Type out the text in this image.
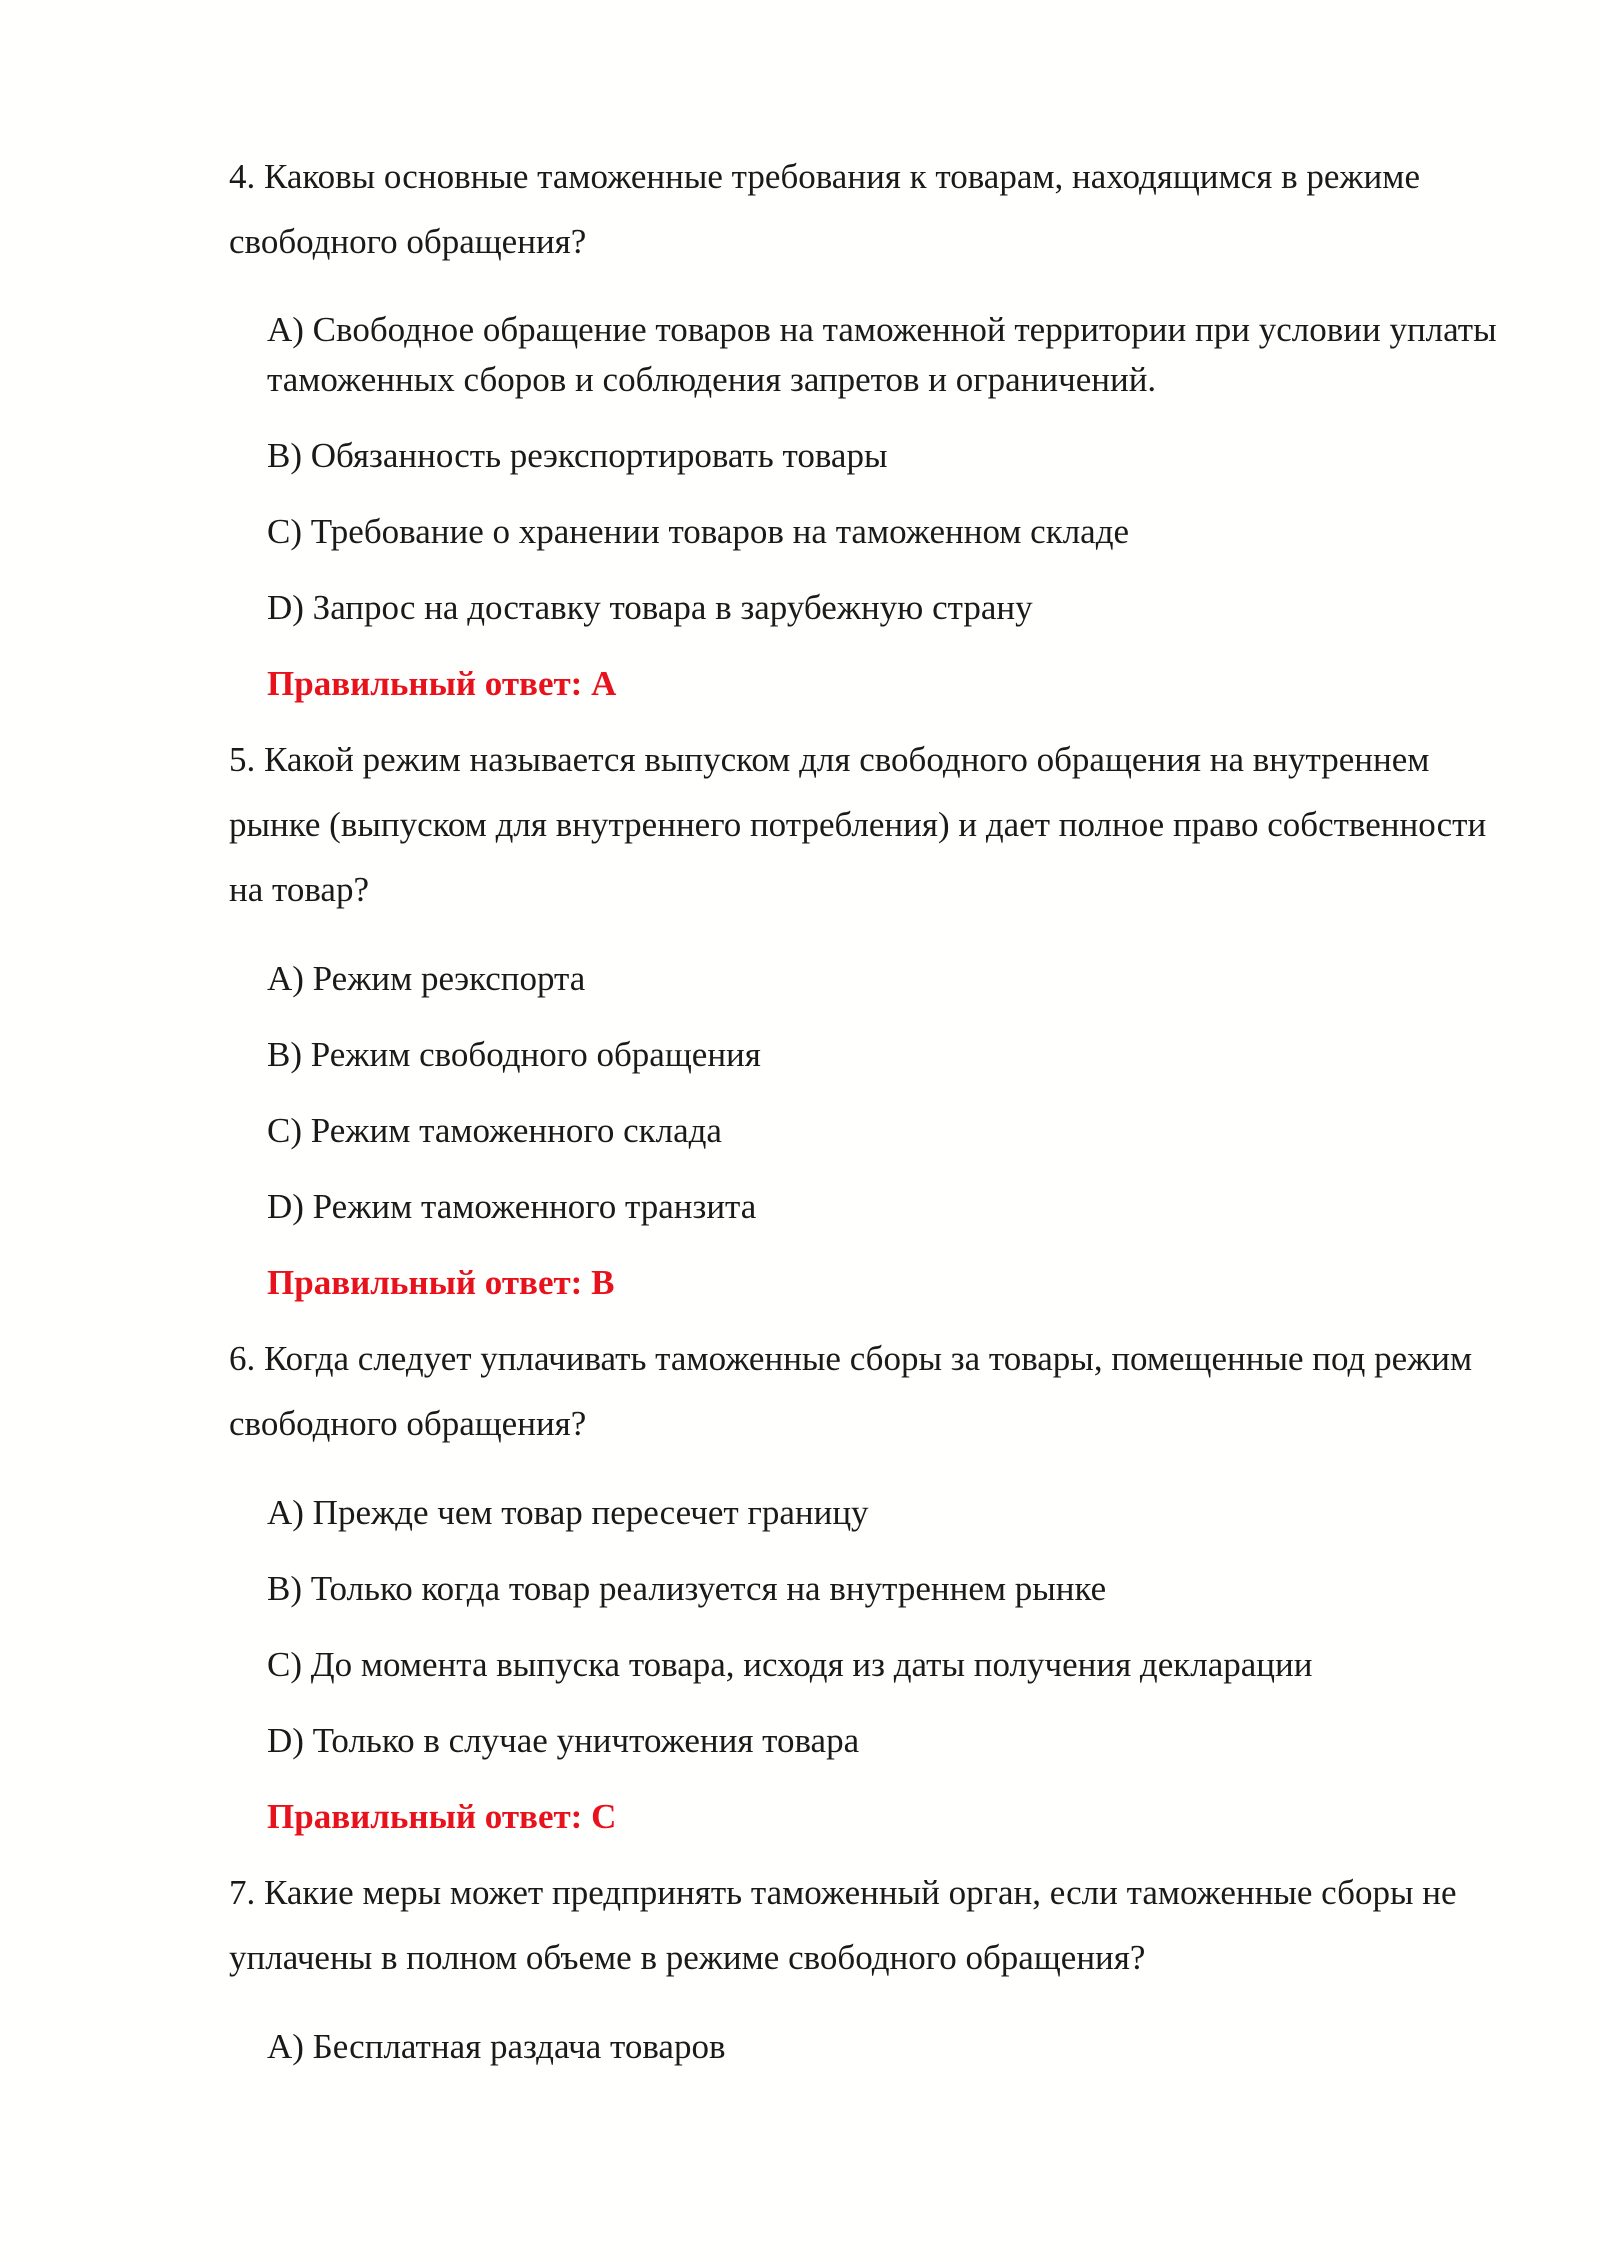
4. Каковы основные таможенные требования к товарам, находящимся в режиме свободного обращения?

A) Свободное обращение товаров на таможенной территории при условии уплаты таможенных сборов и соблюдения запретов и ограничений.

B) Обязанность реэкспортировать товары

C) Требование о хранении товаров на таможенном складе

D) Запрос на доставку товара в зарубежную страну

Правильный ответ: A

5. Какой режим называется выпуском для свободного обращения на внутреннем рынке (выпуском для внутреннего потребления) и дает полное право собственности на товар?

A) Режим реэкспорта

B) Режим свободного обращения

C) Режим таможенного склада

D) Режим таможенного транзита

Правильный ответ: B

6. Когда следует уплачивать таможенные сборы за товары, помещенные под режим свободного обращения?

A) Прежде чем товар пересечет границу

B) Только когда товар реализуется на внутреннем рынке

C) До момента выпуска товара, исходя из даты получения декларации

D) Только в случае уничтожения товара

Правильный ответ: C

7. Какие меры может предпринять таможенный орган, если таможенные сборы не уплачены в полном объеме в режиме свободного обращения?

A) Бесплатная раздача товаров
